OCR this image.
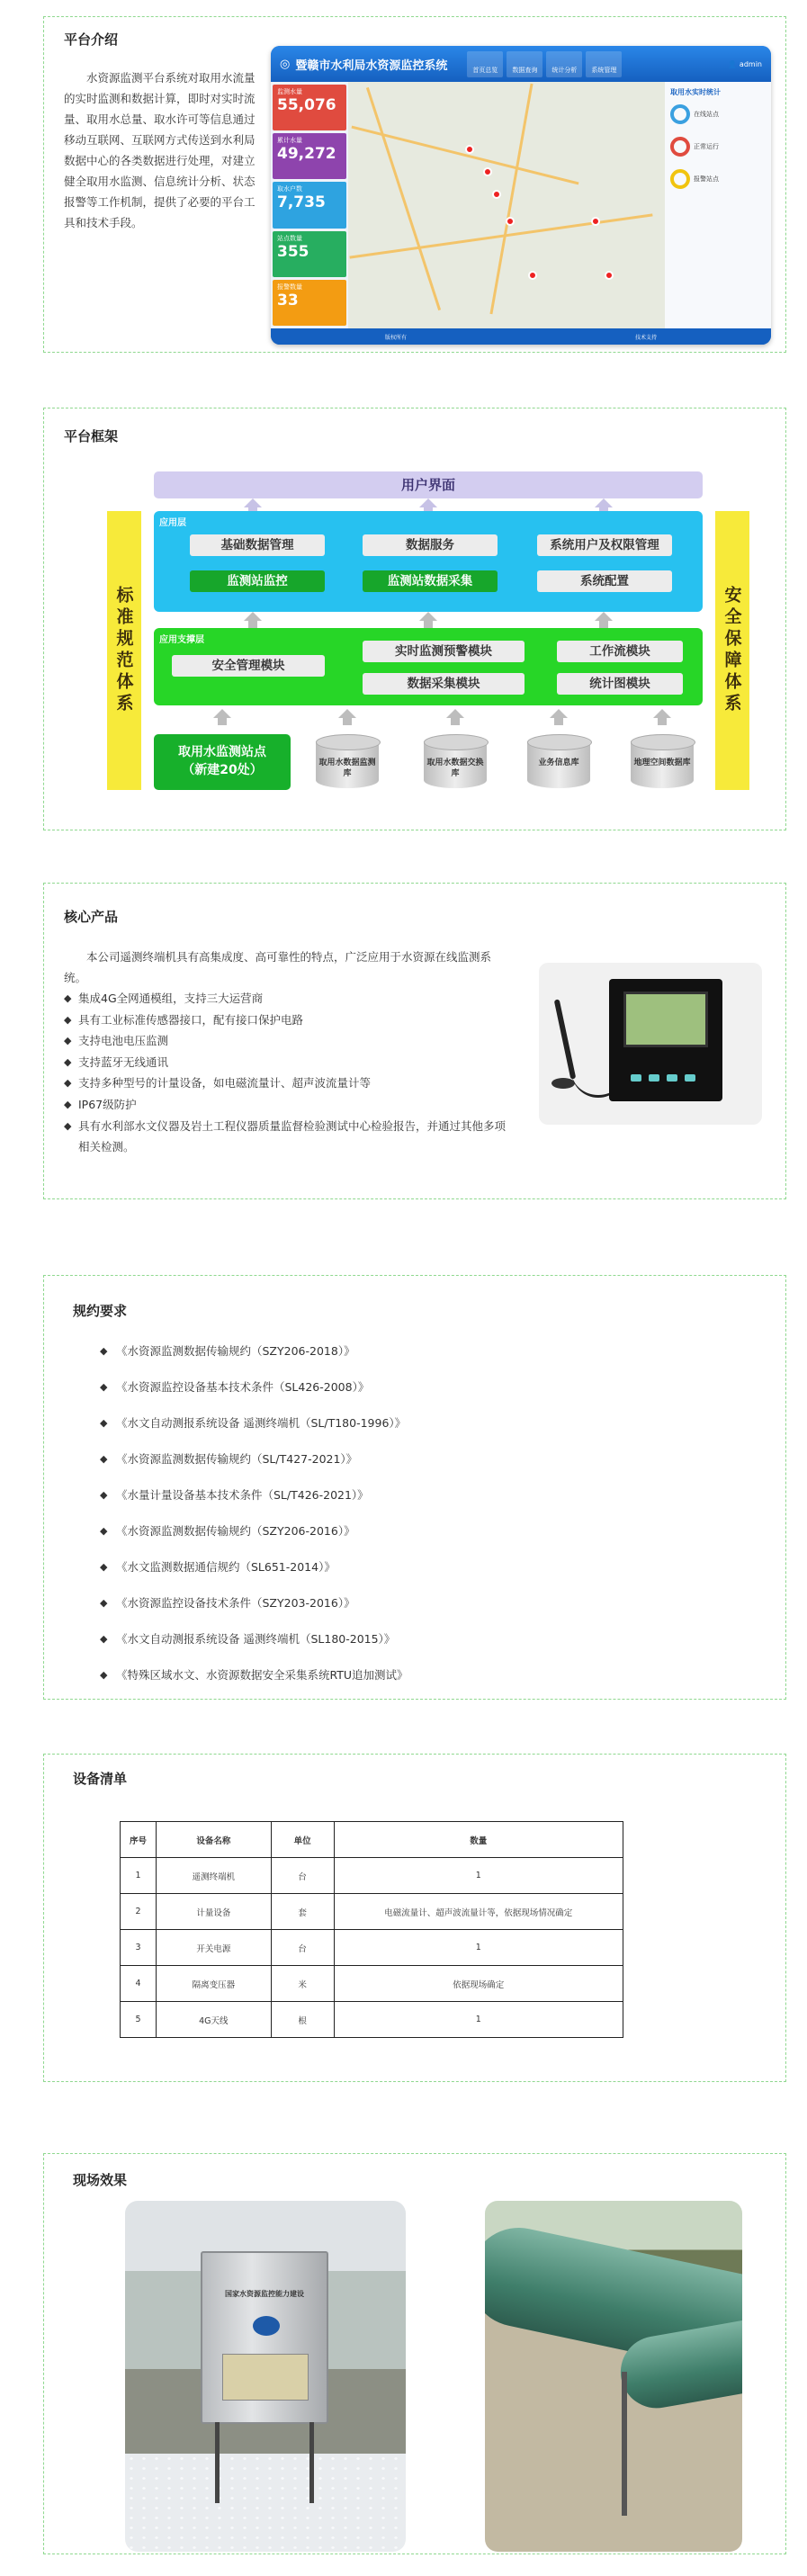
平台介绍

水资源监测平台系统对取用水流量的实时监测和数据计算，即时对实时流量、取用水总量、取水许可等信息通过移动互联网、互联网方式传送到水利局数据中心的各类数据进行处理，对建立健全取用水监测、信息统计分析、状态报警等工作机制，提供了必要的平台工具和技术手段。

◎ 暨赣市水利局水资源监控系统	首页总览	数据查询	统计分析	系统管理
👤 admin
监测水量
55,076
累计水量
49,272
取水户数
7,735
站点数量
355
报警数量
33
取用水实时统计
在线站点
正常运行
报警站点
版权所有	技术支持
平台框架
用户界面
标准规范体系	安全保障体系
应用层
基础数据管理	数据服务	系统用户及权限管理
监测站监控	监测站数据采集	系统配置
应用支撑层
安全管理模块
实时监测预警模块	工作流模块
数据采集模块	统计图模块
取用水监测站点
（新建20处）	取用水数据监测库
取用水数据交换库
业务信息库	地理空间数据库
核心产品

本公司遥测终端机具有高集成度、高可靠性的特点，广泛应用于水资源在线监测系统。

◆ 集成4G全网通模组，支持三大运营商
◆ 具有工业标准传感器接口，配有接口保护电路
◆ 支持电池电压监测
◆ 支持蓝牙无线通讯
◆ 支持多种型号的计量设备，如电磁流量计、超声波流量计等
◆ IP67级防护
◆ 具有水利部水文仪器及岩土工程仪器质量监督检验测试中心检验报告，并通过其他多项相关检测。
规约要求
◆ 《水资源监测数据传输规约（SZY206-2018）》
◆ 《水资源监控设备基本技术条件（SL426-2008）》
◆ 《水文自动测报系统设备 遥测终端机（SL/T180-1996）》
◆ 《水资源监测数据传输规约（SL/T427-2021）》
◆ 《水量计量设备基本技术条件（SL/T426-2021）》
◆ 《水资源监测数据传输规约（SZY206-2016）》
◆ 《水文监测数据通信规约（SL651-2014）》
◆ 《水资源监控设备技术条件（SZY203-2016）》
◆ 《水文自动测报系统设备 遥测终端机（SL180-2015）》
◆ 《特殊区域水文、水资源数据安全采集系统RTU追加测试》
设备清单
序号	设备名称	单位	数量
1	遥测终端机	台	1
2	计量设备	套	电磁流量计、超声波流量计等，依据现场情况确定
3	开关电源	台	1
4	隔离变压器	米	依据现场确定
5	4G天线	根	1
现场效果
国家水资源监控能力建设
